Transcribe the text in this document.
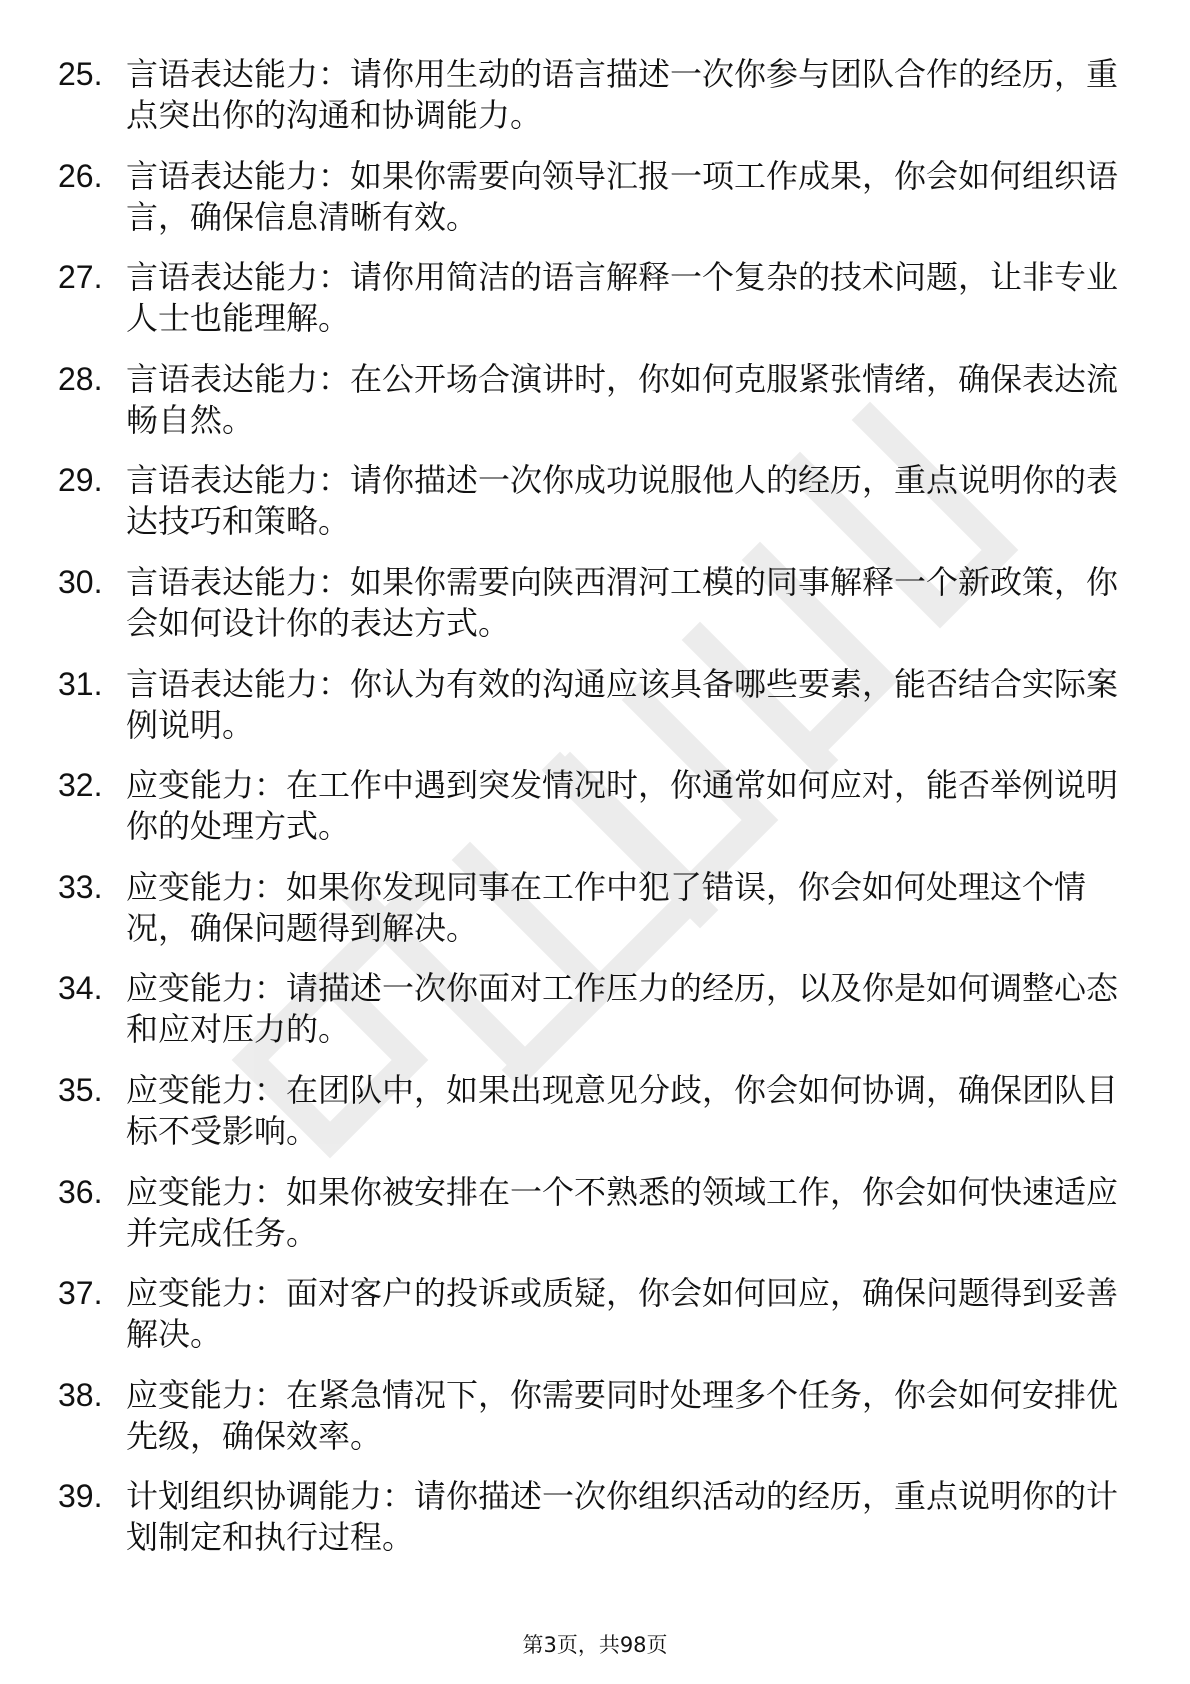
25. 言语表达能力：请你用生动的语言描述一次你参与团队合作的经历，重点突出你的沟通和协调能力。
26. 言语表达能力：如果你需要向领导汇报一项工作成果，你会如何组织语言，确保信息清晰有效。
27. 言语表达能力：请你用简洁的语言解释一个复杂的技术问题，让非专业人士也能理解。
28. 言语表达能力：在公开场合演讲时，你如何克服紧张情绪，确保表达流畅自然。
29. 言语表达能力：请你描述一次你成功说服他人的经历，重点说明你的表达技巧和策略。
30. 言语表达能力：如果你需要向陕西渭河工模的同事解释一个新政策，你会如何设计你的表达方式。
31. 言语表达能力：你认为有效的沟通应该具备哪些要素，能否结合实际案例说明。
32. 应变能力：在工作中遇到突发情况时，你通常如何应对，能否举例说明你的处理方式。
33. 应变能力：如果你发现同事在工作中犯了错误，你会如何处理这个情况，确保问题得到解决。
34. 应变能力：请描述一次你面对工作压力的经历，以及你是如何调整心态和应对压力的。
35. 应变能力：在团队中，如果出现意见分歧，你会如何协调，确保团队目标不受影响。
36. 应变能力：如果你被安排在一个不熟悉的领域工作，你会如何快速适应并完成任务。
37. 应变能力：面对客户的投诉或质疑，你会如何回应，确保问题得到妥善解决。
38. 应变能力：在紧急情况下，你需要同时处理多个任务，你会如何安排优先级，确保效率。
39. 计划组织协调能力：请你描述一次你组织活动的经历，重点说明你的计划制定和执行过程。
第3页，共98页
